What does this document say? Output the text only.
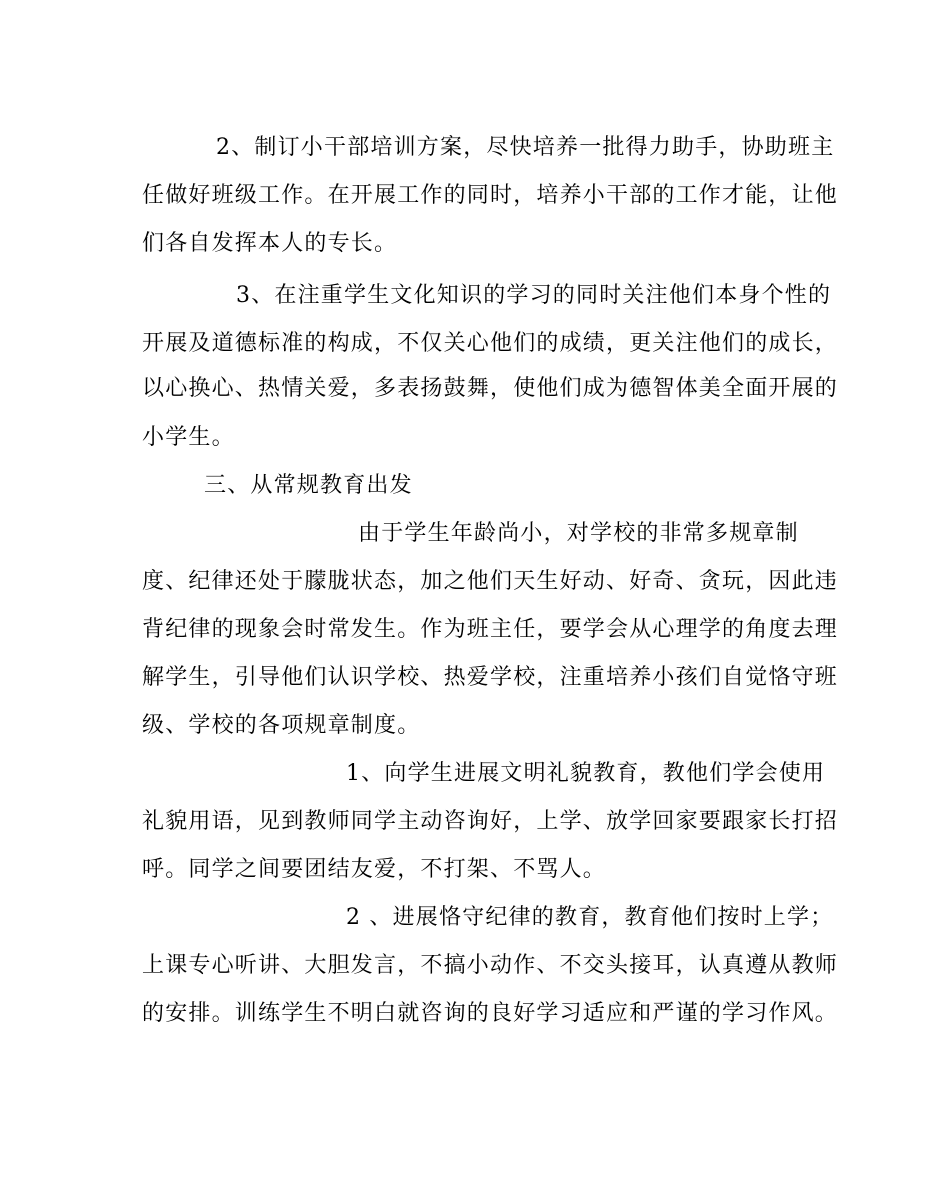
2、制订小干部培训方案，尽快培养一批得力助手，协助班主
任做好班级工作。在开展工作的同时，培养小干部的工作才能，让他
们各自发挥本人的专长。
3、在注重学生文化知识的学习的同时关注他们本身个性的
开展及道德标准的构成，不仅关心他们的成绩，更关注他们的成长，
以心换心、热情关爱，多表扬鼓舞，使他们成为德智体美全面开展的
小学生。
三、从常规教育出发
由于学生年龄尚小，对学校的非常多规章制
度、纪律还处于朦胧状态，加之他们天生好动、好奇、贪玩，因此违
背纪律的现象会时常发生。作为班主任，要学会从心理学的角度去理
解学生，引导他们认识学校、热爱学校，注重培养小孩们自觉恪守班
级、学校的各项规章制度。
1、向学生进展文明礼貌教育，教他们学会使用
礼貌用语，见到教师同学主动咨询好，上学、放学回家要跟家长打招
呼。同学之间要团结友爱，不打架、不骂人。
2 、进展恪守纪律的教育，教育他们按时上学；
上课专心听讲、大胆发言，不搞小动作、不交头接耳，认真遵从教师
的安排。训练学生不明白就咨询的良好学习适应和严谨的学习作风。
